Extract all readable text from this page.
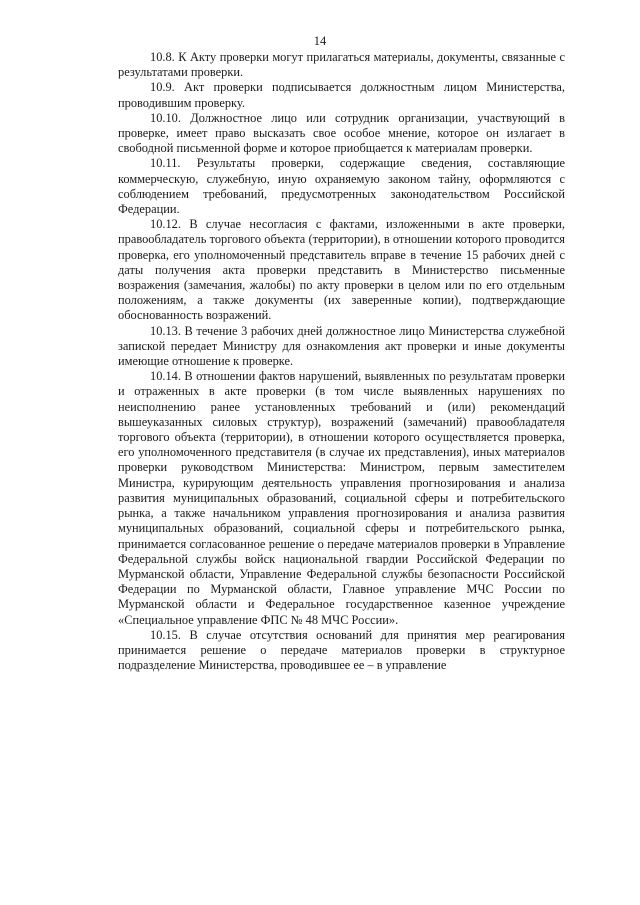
14

10.8. К Акту проверки могут прилагаться материалы, документы, связанные с результатами проверки.

10.9. Акт проверки подписывается должностным лицом Министерства, проводившим проверку.

10.10. Должностное лицо или сотрудник организации, участвующий в проверке, имеет право высказать свое особое мнение, которое он излагает в свободной письменной форме и которое приобщается к материалам проверки.

10.11. Результаты проверки, содержащие сведения, составляющие коммерческую, служебную, иную охраняемую законом тайну, оформляются с соблюдением требований, предусмотренных законодательством Российской Федерации.

10.12. В случае несогласия с фактами, изложенными в акте проверки, правообладатель торгового объекта (территории), в отношении которого проводится проверка, его уполномоченный представитель вправе в течение 15 рабочих дней с даты получения акта проверки представить в Министерство письменные возражения (замечания, жалобы) по акту проверки в целом или по его отдельным положениям, а также документы (их заверенные копии), подтверждающие обоснованность возражений.

10.13. В течение 3 рабочих дней должностное лицо Министерства служебной запиской передает Министру для ознакомления акт проверки и иные документы имеющие отношение к проверке.

10.14. В отношении фактов нарушений, выявленных по результатам проверки и отраженных в акте проверки (в том числе выявленных нарушениях по неисполнению ранее установленных требований и (или) рекомендаций вышеуказанных силовых структур), возражений (замечаний) правообладателя торгового объекта (территории), в отношении которого осуществляется проверка, его уполномоченного представителя (в случае их представления), иных материалов проверки руководством Министерства: Министром, первым заместителем Министра, курирующим деятельность управления прогнозирования и анализа развития муниципальных образований, социальной сферы и потребительского рынка, а также начальником управления прогнозирования и анализа развития муниципальных образований, социальной сферы и потребительского рынка, принимается согласованное решение о передаче материалов проверки в Управление Федеральной службы войск национальной гвардии Российской Федерации по Мурманской области, Управление Федеральной службы безопасности Российской Федерации по Мурманской области, Главное управление МЧС России по Мурманской области и Федеральное государственное казенное учреждение «Специальное управление ФПС № 48 МЧС России».

10.15. В случае отсутствия оснований для принятия мер реагирования принимается решение о передаче материалов проверки в структурное подразделение Министерства, проводившее ее – в управление
